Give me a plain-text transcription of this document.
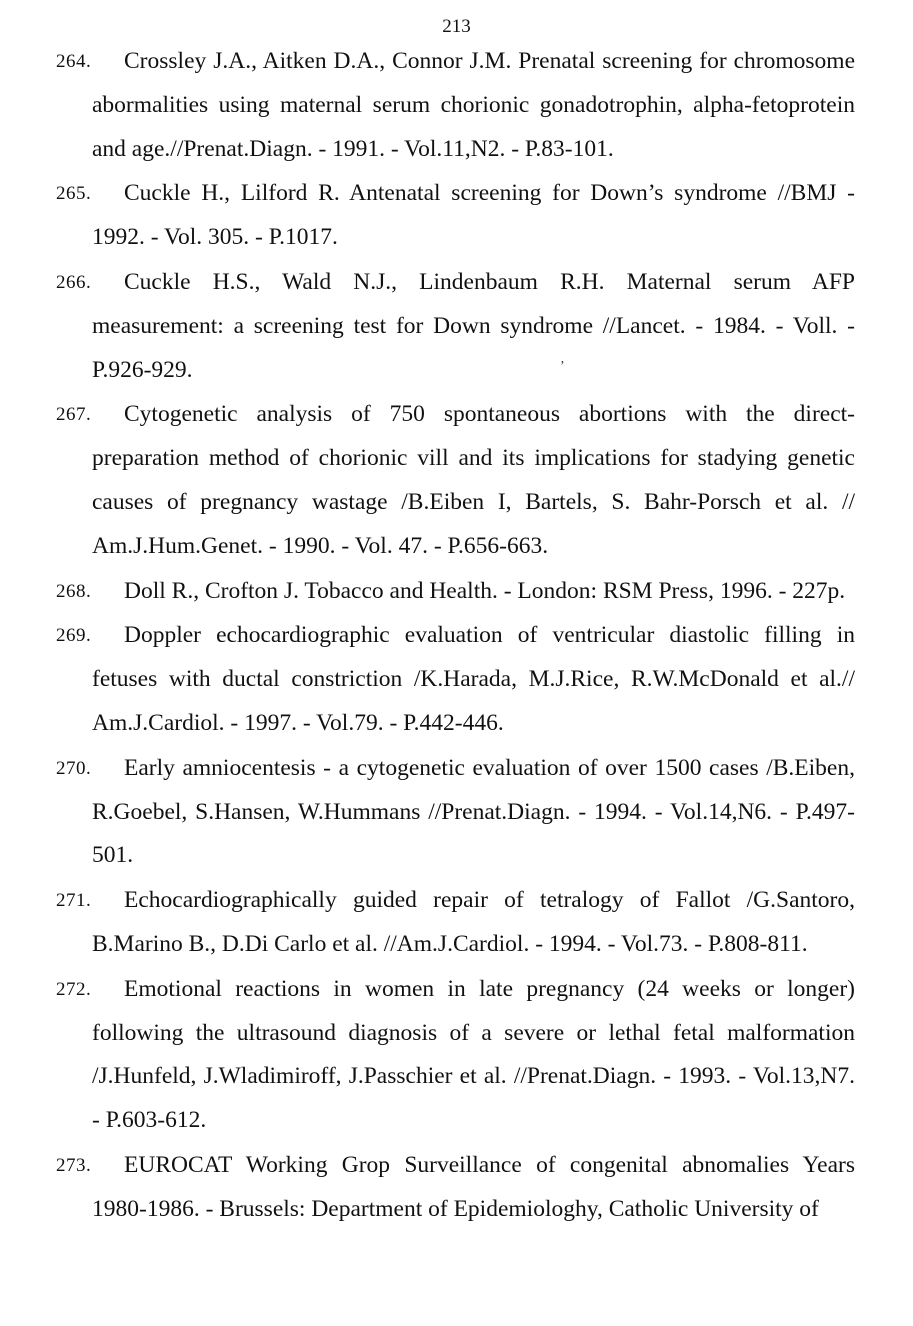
213
’
264.	Crossley J.A., Aitken D.A., Connor J.M. Prenatal screening for chromosome abormalities using maternal serum chorionic gonadotrophin, alpha-fetoprotein and age.//Prenat.Diagn. - 1991. - Vol.11,N2. - P.83-101.
265.	Cuckle H., Lilford R. Antenatal screening for Down’s syndrome //BMJ - 1992. - Vol. 305. - P.1017.
266.	Cuckle H.S., Wald N.J., Lindenbaum R.H. Maternal serum AFP measurement: a screening test for Down syndrome //Lancet. - 1984. - Voll. - P.926-929.
267.	Cytogenetic analysis of 750 spontaneous abortions with the direct-preparation method of chorionic vill and its implications for stadying genetic causes of pregnancy wastage /B.Eiben I, Bartels, S. Bahr-Porsch et al. // Am.J.Hum.Genet. - 1990. - Vol. 47. - P.656-663.
268.	Doll R., Crofton J. Tobacco and Health. - London: RSM Press, 1996. - 227p.
269.	Doppler echocardiographic evaluation of ventricular diastolic filling in fetuses with ductal constriction /K.Harada, M.J.Rice, R.W.McDonald et al.// Am.J.Cardiol. - 1997. - Vol.79. - P.442-446.
270.	Early amniocentesis - a cytogenetic evaluation of over 1500 cases /B.Eiben, R.Goebel, S.Hansen, W.Hummans //Prenat.Diagn. - 1994. - Vol.14,N6. - P.497-501.
271.	Echocardiographically guided repair of tetralogy of Fallot /G.Santoro, B.Marino B., D.Di Carlo et al. //Am.J.Cardiol. - 1994. - Vol.73. - P.808-811.
272.	Emotional reactions in women in late pregnancy (24 weeks or longer) following the ultrasound diagnosis of a severe or lethal fetal malformation /J.Hunfeld, J.Wladimiroff, J.Passchier et al. //Prenat.Diagn. - 1993. - Vol.13,N7. - P.603-612.
273.	EUROCAT Working Grop Surveillance of congenital abnomalies Years 1980-1986. - Brussels: Department of Epidemiologhy, Catholic University of
